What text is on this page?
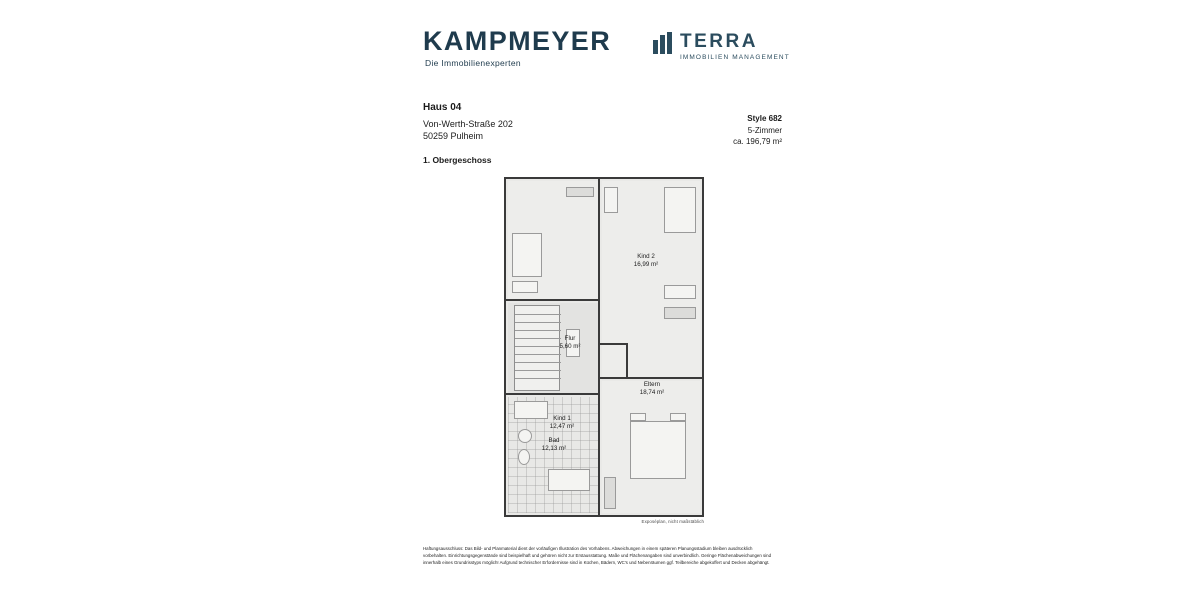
KAMPMEYER
Die Immobilienexperten
TERRA
IMMOBILIEN MANAGEMENT
Haus 04
Von-Werth-Straße 202
50259 Pulheim
1. Obergeschoss
Style 682
5-Zimmer
ca. 196,79 m²
Kind 1
12,47 m²
Kind 2
16,99 m²
Flur
5,60 m²
Eltern
18,74 m²
Bad
12,13 m²
Exposéplan, nicht maßstäblich
Haftungsausschluss: Das Bild- und Planmaterial dient der vorläufigen Illustration des Vorhabens. Abweichungen in einem späteren Planungsstadium bleiben ausdrücklich vorbehalten. Einrichtungsgegenstände sind beispielhaft und gehören nicht zur Erstausstattung. Maße und Flächenangaben sind unverbindlich. Geringe Flächenabweichungen sind innerhalb eines Grundrisstyps möglich! Aufgrund technischer Erfordernisse sind in Küchen, Bädern, WC's und Nebenräumen ggf. Teilbereiche abgekoffert und Decken abgehängt.
